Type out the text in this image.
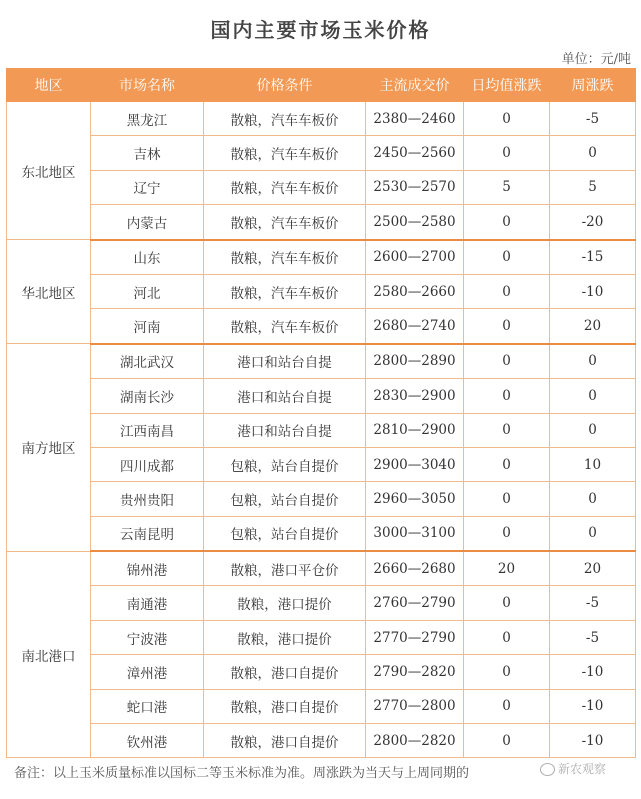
国内主要市场玉米价格
单位：元/吨
地区	市场名称	价格条件	主流成交价	日均值涨跌	周涨跌
东北地区	黑龙江	散粮，汽车车板价	2380—2460	0	-5
	吉林	散粮，汽车车板价	2450—2560	0	0
	辽宁	散粮，汽车车板价	2530—2570	5	5
	内蒙古	散粮，汽车车板价	2500—2580	0	-20
华北地区	山东	散粮，汽车车板价	2600—2700	0	-15
	河北	散粮，汽车车板价	2580—2660	0	-10
	河南	散粮，汽车车板价	2680—2740	0	20
南方地区	湖北武汉	港口和站台自提	2800—2890	0	0
	湖南长沙	港口和站台自提	2830—2900	0	0
	江西南昌	港口和站台自提	2810—2900	0	0
	四川成都	包粮，站台自提价	2900—3040	0	10
	贵州贵阳	包粮，站台自提价	2960—3050	0	0
	云南昆明	包粮，站台自提价	3000—3100	0	0
南北港口	锦州港	散粮，港口平仓价	2660—2680	20	20
	南通港	散粮，港口提价	2760—2790	0	-5
	宁波港	散粮，港口提价	2770—2790	0	-5
	漳州港	散粮，港口自提价	2790—2820	0	-10
	蛇口港	散粮，港口自提价	2770—2800	0	-10
	钦州港	散粮，港口自提价	2800—2820	0	-10
备注：以上玉米质量标准以国标二等玉米标准为准。周涨跌为当天与上周同期的	新农观察
